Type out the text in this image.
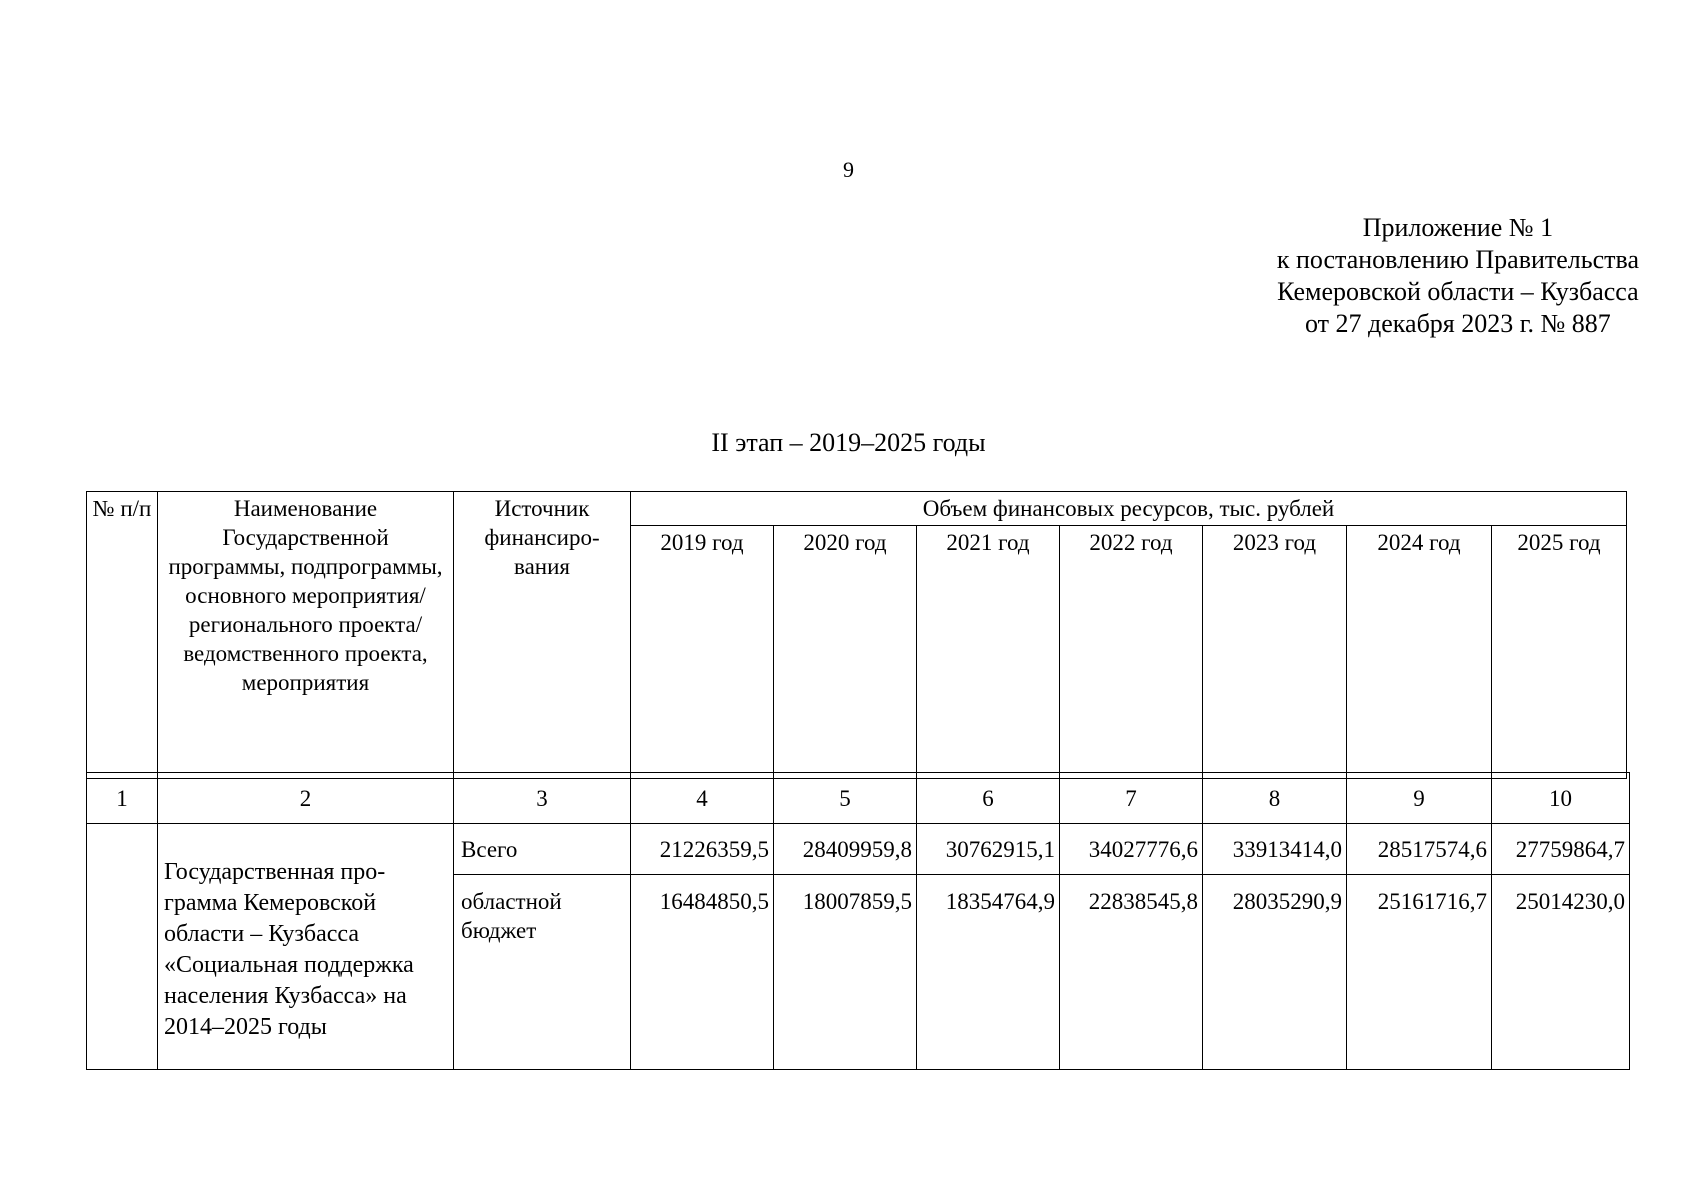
9
Приложение № 1
к постановлению Правительства
Кемеровской области – Кузбасса
от 27 декабря 2023 г. № 887
II этап – 2019–2025 годы
№ п/п	Наименование Государственной программы, подпрограммы, основного мероприятия/ регионального проекта/ ведомственного проекта, мероприятия	Источник финансиро-вания	Объем финансовых ресурсов, тыс. рублей						
			2019 год	2020 год	2021 год	2022 год	2023 год	2024 год	2025 год
1	2	3	4	5	6	7	8	9	10
	Государственная про-грамма Кемеровской области – Кузбасса «Социальная поддержка населения Кузбасса» на 2014–2025 годы	Всего	21226359,5	28409959,8	30762915,1	34027776,6	33913414,0	28517574,6	27759864,7
		областной бюджет	16484850,5	18007859,5	18354764,9	22838545,8	28035290,9	25161716,7	25014230,0
